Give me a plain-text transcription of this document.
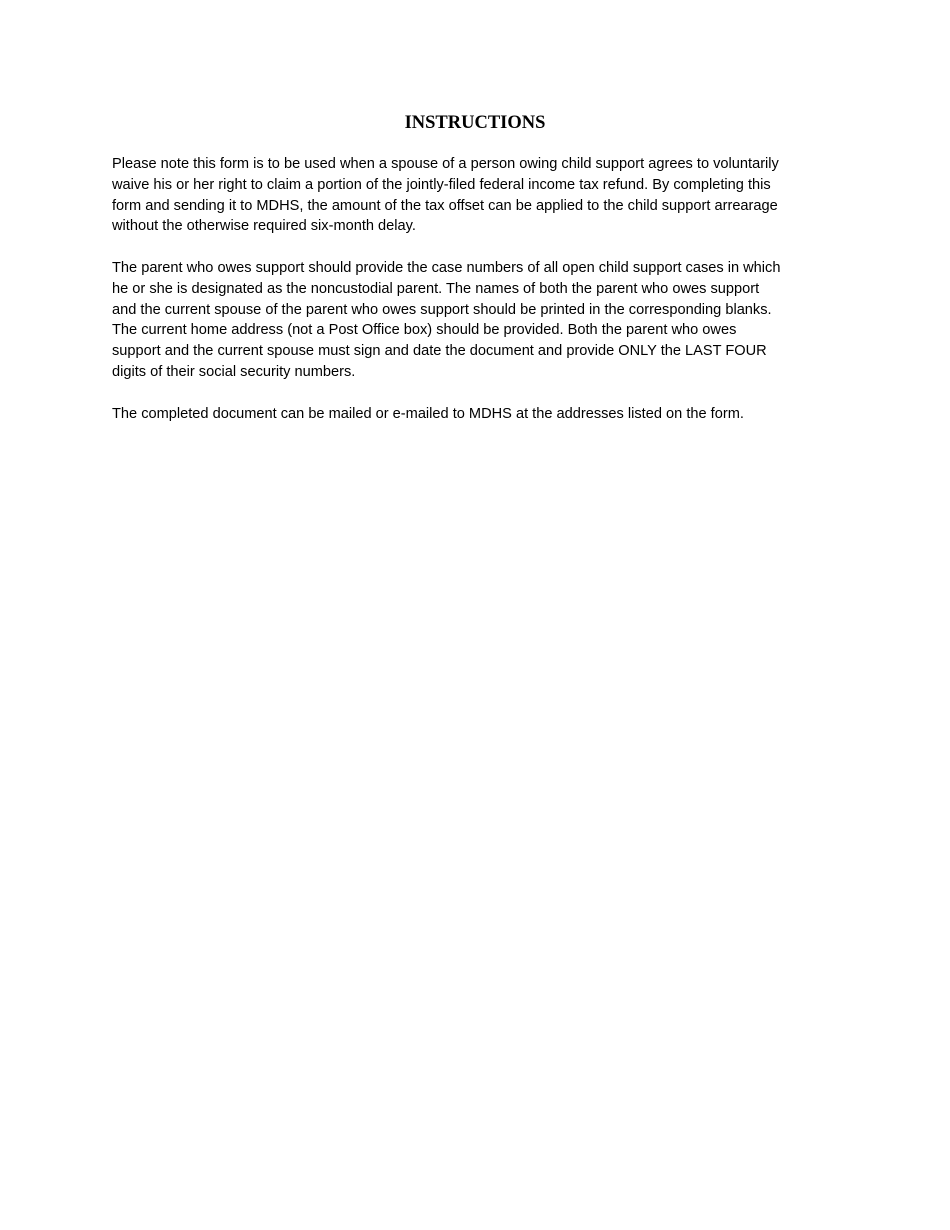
INSTRUCTIONS

Please note this form is to be used when a spouse of a person owing child support agrees to voluntarily
waive his or her right to claim a portion of the jointly-filed federal income tax refund. By completing this
form and sending it to MDHS, the amount of the tax offset can be applied to the child support arrearage
without the otherwise required six-month delay.

The parent who owes support should provide the case numbers of all open child support cases in which
he or she is designated as the noncustodial parent. The names of both the parent who owes support
and the current spouse of the parent who owes support should be printed in the corresponding blanks.
The current home address (not a Post Office box) should be provided. Both the parent who owes
support and the current spouse must sign and date the document and provide ONLY the LAST FOUR
digits of their social security numbers.

The completed document can be mailed or e-mailed to MDHS at the addresses listed on the form.
